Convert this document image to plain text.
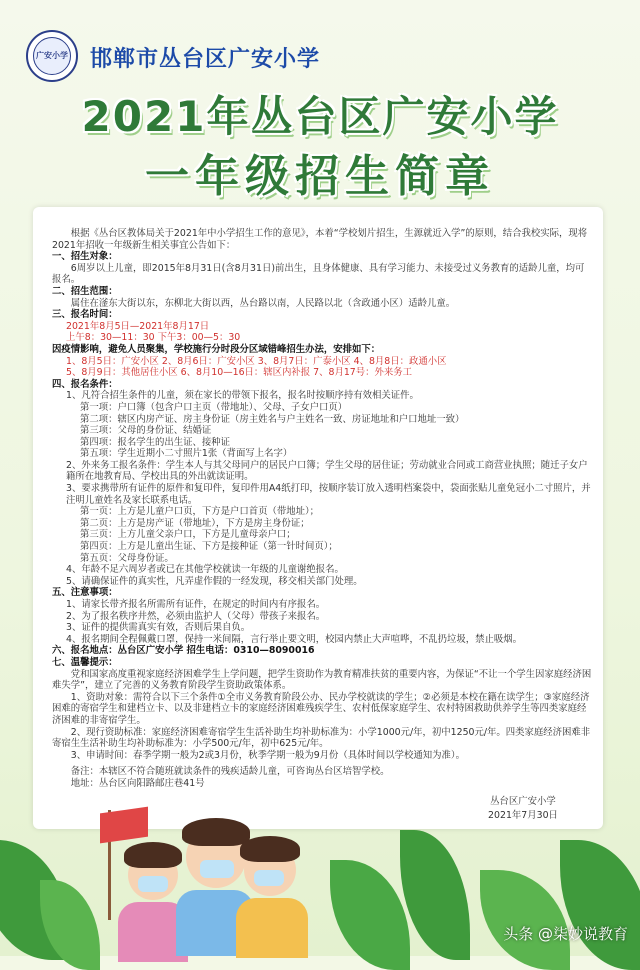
广安小学 邯郸市丛台区广安小学
2021年丛台区广安小学
一年级招生简章

根据《丛台区教体局关于2021年中小学招生工作的意见》，本着“学校划片招生，生源就近入学”的原则，结合我校实际，现将2021年招收一年级新生相关事宜公告如下：

一、招生对象：

6周岁以上儿童，即2015年8月31日(含8月31日)前出生，且身体健康、具有学习能力、未接受过义务教育的适龄儿童，均可报名。

二、招生范围：

属住在滏东大街以东，东柳北大街以西，丛台路以南，人民路以北（含政通小区）适龄儿童。

三、报名时间：

2021年8月5日—2021年8月17日

上午8：30—11：30 下午3：00—5：30

因疫情影响，避免人员聚集，学校施行分时段分区域错峰招生办法，安排如下：

1、8月5日：广安小区 2、8月6日：广安小区 3、8月7日：广泰小区 4、8月8日：政通小区

5、8月9日：其他居住小区 6、8月10—16日：辖区内补报 7、8月17号：外来务工

四、报名条件：

1、凡符合招生条件的儿童，须在家长的带领下报名，报名时按顺序持有效相关证件。

第一项：户口簿（包含户口主页（带地址）、父母、子女户口页）

第二项：辖区内房产证、房主身份证（房主姓名与户主姓名一致、房证地址和户口地址一致）

第三项：父母的身份证、结婚证

第四项：报名学生的出生证、接种证

第五项：学生近期小二寸照片1张（背面写上名字）

2、外来务工报名条件：学生本人与其父母同户的居民户口簿；学生父母的居住证；劳动就业合同或工商营业执照；随迁子女户籍所在地教育局、学校出具的外出就读证明。

3、要求携带所有证件的原件和复印件，复印件用A4纸打印，按顺序装订放入透明档案袋中，袋面张贴儿童免冠小二寸照片，并注明儿童姓名及家长联系电话。

第一页：上方是儿童户口页，下方是户口首页（带地址）；

第二页：上方是房产证（带地址），下方是房主身份证；

第三页：上方儿童父亲户口，下方是儿童母亲户口；

第四页：上方是儿童出生证、下方是接种证（第一针时间页）；

第五页：父母身份证。

4、年龄不足六周岁者或已在其他学校就读一年级的儿童谢绝报名。

5、请确保证件的真实性，凡弄虚作假的一经发现，移交相关部门处理。

五、注意事项：

1、请家长带齐报名所需所有证件，在规定的时间内有序报名。

2、为了报名秩序井然，必须由监护人（父母）带孩子来报名。

3、证件的提供需真实有效，否则后果自负。

4、报名期间全程佩戴口罩，保持一米间隔，言行举止要文明，校园内禁止大声喧哗，不乱扔垃圾，禁止吸烟。

六、报名地点：丛台区广安小学 招生电话：0310—8090016

七、温馨提示：

党和国家高度重视家庭经济困难学生上学问题，把学生资助作为教育精准扶贫的重要内容，为保证“不让一个学生因家庭经济困难失学”，建立了完善的义务教育阶段学生资助政策体系。

1、资助对象：需符合以下三个条件①全市义务教育阶段公办、民办学校就读的学生；②必须是本校在籍在读学生；③家庭经济困难的寄宿学生和建档立卡、以及非建档立卡的家庭经济困难残疾学生、农村低保家庭学生、农村特困救助供养学生等四类家庭经济困难的非寄宿学生。

2、现行资助标准：家庭经济困难寄宿学生生活补助生均补助标准为：小学1000元/年，初中1250元/年。四类家庭经济困难非寄宿生生活补助生均补助标准为：小学500元/年，初中625元/年。

3、申请时间：春季学期一般为2或3月份，秋季学期一般为9月份（具体时间以学校通知为准）。

备注：本辖区不符合随班就读条件的残疾适龄儿童，可咨询丛台区培智学校。

地址：丛台区向阳路邮庄巷41号

丛台区广安小学
2021年7月30日
头条 @柒妙说教育
